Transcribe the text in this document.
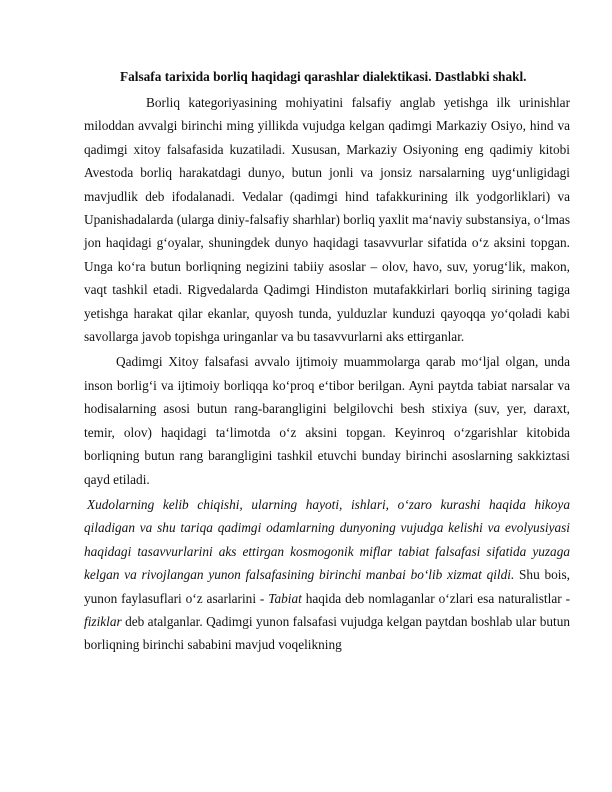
Falsafa tarixida borliq haqidagi qarashlar dialektikasi. Dastlabki shakl.

Borliq kategoriyasining mohiyatini falsafiy anglab yetishga ilk urinishlar miloddan avvalgi birinchi ming yillikda vujudga kelgan qadimgi Markaziy Osiyo, hind va qadimgi xitoy falsafasida kuzatiladi. Xususan, Markaziy Osiyoning eng qadimiy kitobi Avestoda borliq harakatdagi dunyo, butun jonli va jonsiz narsalarning uyg‘unligidagi mavjudlik deb ifodalanadi. Vedalar (qadimgi hind tafakkurining ilk yodgorliklari) va Upanishadalarda (ularga diniy-falsafiy sharhlar) borliq yaxlit ma‘naviy substansiya, o‘lmas jon haqidagi g‘oyalar, shuningdek dunyo haqidagi tasavvurlar sifatida o‘z aksini topgan. Unga ko‘ra butun borliqning negizini tabiiy asoslar – olov, havo, suv, yorug‘lik, makon, vaqt tashkil etadi. Rigvedalarda Qadimgi Hindiston mutafakkirlari borliq sirining tagiga yetishga harakat qilar ekanlar, quyosh tunda, yulduzlar kunduzi qayoqqa yo‘qoladi kabi savollarga javob topishga uringanlar va bu tasavvurlarni aks ettirganlar.

Qadimgi Xitoy falsafasi avvalo ijtimoiy muammolarga qarab mo‘ljal olgan, unda inson borlig‘i va ijtimoiy borliqqa ko‘proq e‘tibor berilgan. Ayni paytda tabiat narsalar va hodisalarning asosi butun rang-barangligini belgilovchi besh stixiya (suv, yer, daraxt, temir, olov) haqidagi ta‘limotda o‘z aksini topgan. Keyinroq o‘zgarishlar kitobida borliqning butun rang barangligini tashkil etuvchi bunday birinchi asoslarning sakkiztasi qayd etiladi.

Xudolarning kelib chiqishi, ularning hayoti, ishlari, o‘zaro kurashi haqida hikoya qiladigan va shu tariqa qadimgi odamlarning dunyoning vujudga kelishi va evolyusiyasi haqidagi tasavvurlarini aks ettirgan kosmogonik miflar tabiat falsafasi sifatida yuzaga kelgan va rivojlangan yunon falsafasining birinchi manbai bo‘lib xizmat qildi. Shu bois, yunon faylasuflari o‘z asarlarini - Tabiat haqida deb nomlaganlar o‘zlari esa naturalistlar - fiziklar deb atalganlar. Qadimgi yunon falsafasi vujudga kelgan paytdan boshlab ular butun borliqning birinchi sababini mavjud voqelikning
